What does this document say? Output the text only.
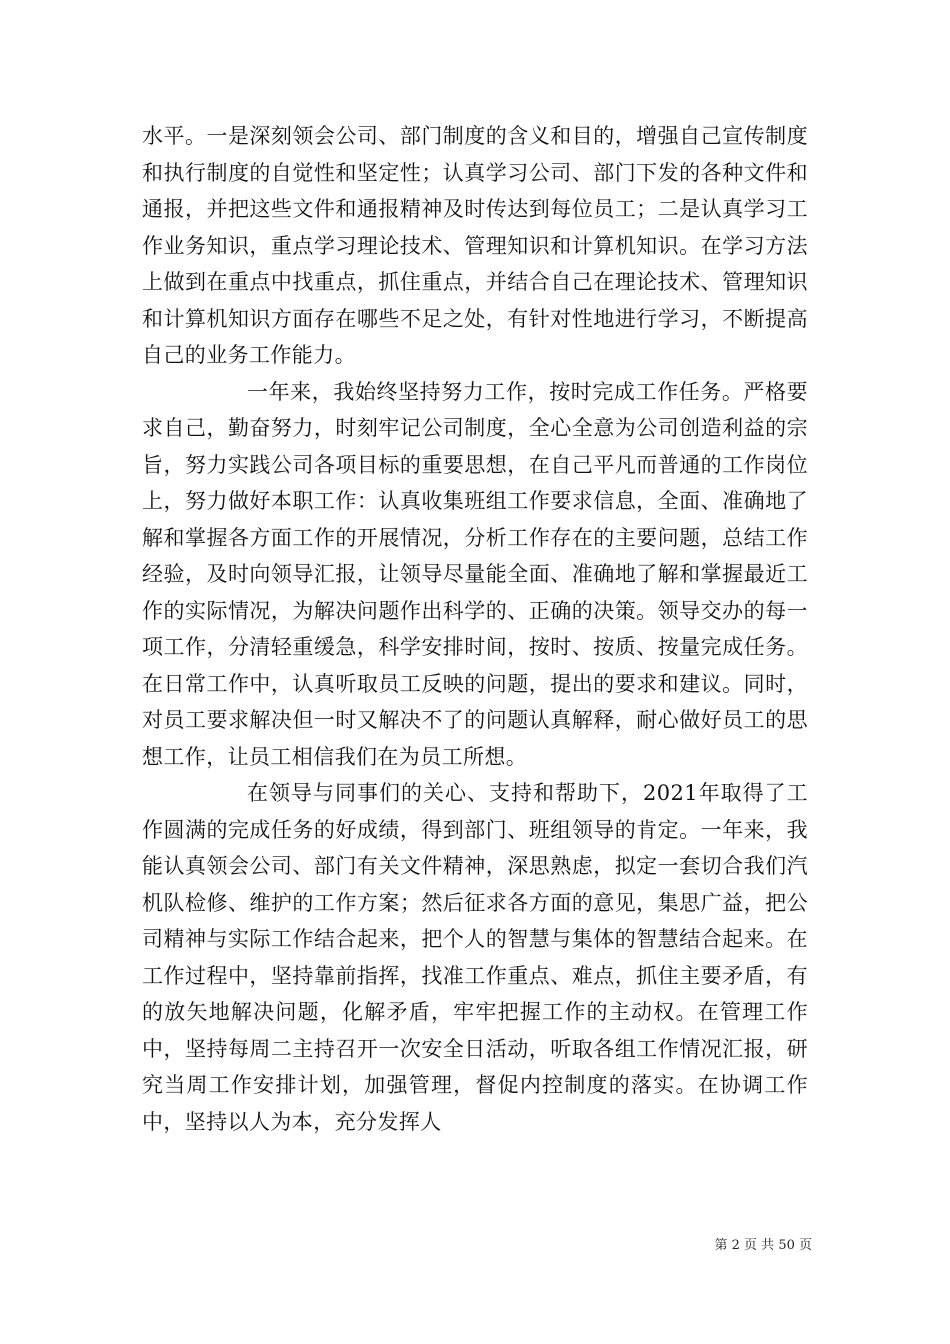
水平。一是深刻领会公司、部门制度的含义和目的，增强自己宣传制度和执行制度的自觉性和坚定性；认真学习公司、部门下发的各种文件和通报，并把这些文件和通报精神及时传达到每位员工；二是认真学习工作业务知识，重点学习理论技术、管理知识和计算机知识。在学习方法上做到在重点中找重点，抓住重点，并结合自己在理论技术、管理知识和计算机知识方面存在哪些不足之处，有针对性地进行学习，不断提高自己的业务工作能力。

一年来，我始终坚持努力工作，按时完成工作任务。严格要求自己，勤奋努力，时刻牢记公司制度，全心全意为公司创造利益的宗旨，努力实践公司各项目标的重要思想，在自己平凡而普通的工作岗位上，努力做好本职工作：认真收集班组工作要求信息，全面、准确地了解和掌握各方面工作的开展情况，分析工作存在的主要问题，总结工作经验，及时向领导汇报，让领导尽量能全面、准确地了解和掌握最近工作的实际情况，为解决问题作出科学的、正确的决策。领导交办的每一项工作，分清轻重缓急，科学安排时间，按时、按质、按量完成任务。在日常工作中，认真听取员工反映的问题，提出的要求和建议。同时，对员工要求解决但一时又解决不了的问题认真解释，耐心做好员工的思想工作，让员工相信我们在为员工所想。

在领导与同事们的关心、支持和帮助下，2021年取得了工作圆满的完成任务的好成绩，得到部门、班组领导的肯定。一年来，我能认真领会公司、部门有关文件精神，深思熟虑，拟定一套切合我们汽机队检修、维护的工作方案；然后征求各方面的意见，集思广益，把公司精神与实际工作结合起来，把个人的智慧与集体的智慧结合起来。在工作过程中，坚持靠前指挥，找准工作重点、难点，抓住主要矛盾，有的放矢地解决问题，化解矛盾，牢牢把握工作的主动权。在管理工作中，坚持每周二主持召开一次安全日活动，听取各组工作情况汇报，研究当周工作安排计划，加强管理，督促内控制度的落实。在协调工作中，坚持以人为本，充分发挥人

第 2 页 共 50 页
